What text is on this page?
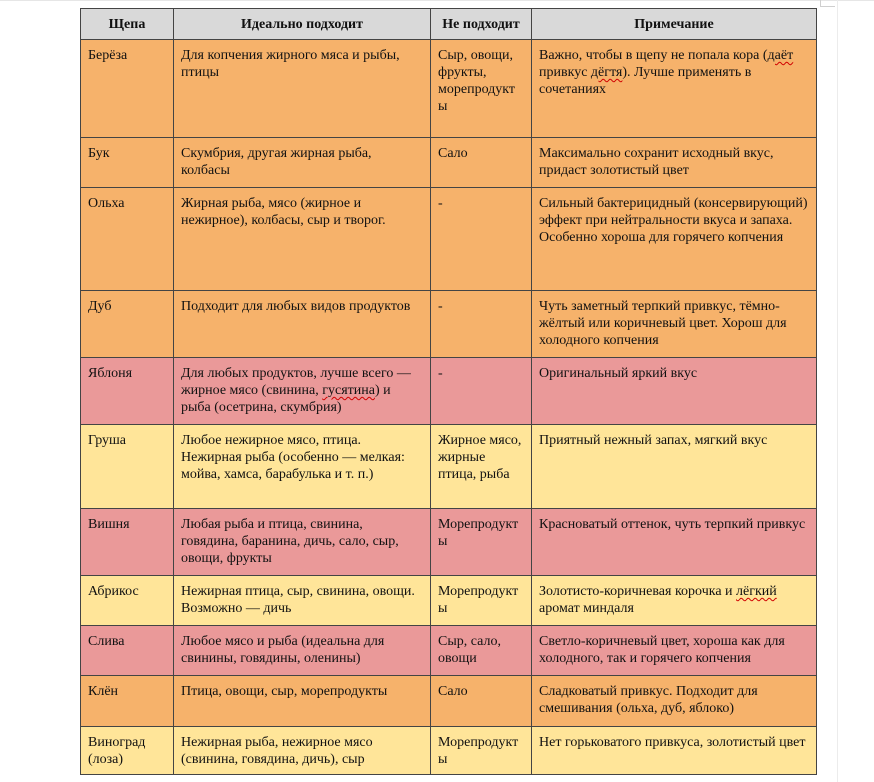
Щепа	Идеально подходит	Не подходит	Примечание
Берёза	Для копчения жирного мяса и рыбы, птицы	Сыр, овощи, фрукты, морепродукт ы	Важно, чтобы в щепу не попала кора (даёт привкус дёгтя). Лучше применять в сочетаниях
Бук	Скумбрия, другая жирная рыба, колбасы	Сало	Максимально сохранит исходный вкус, придаст золотистый цвет
Ольха	Жирная рыба, мясо (жирное и нежирное), колбасы, сыр и творог.	-	Сильный бактерицидный (консервирующий) эффект при нейтральности вкуса и запаха. Особенно хороша для горячего копчения
Дуб	Подходит для любых видов продуктов	-	Чуть заметный терпкий привкус, тёмно-жёлтый или коричневый цвет. Хорош для холодного копчения
Яблоня	Для любых продуктов, лучше всего — жирное мясо (свинина, гусятина) и рыба (осетрина, скумбрия)	-	Оригинальный яркий вкус
Груша	Любое нежирное мясо, птица. Нежирная рыба (особенно — мелкая: мойва, хамса, барабулька и т. п.)	Жирное мясо, жирные птица, рыба	Приятный нежный запах, мягкий вкус
Вишня	Любая рыба и птица, свинина, говядина, баранина, дичь, сало, сыр, овощи, фрукты	Морепродукт ы	Красноватый оттенок, чуть терпкий привкус
Абрикос	Нежирная птица, сыр, свинина, овощи. Возможно — дичь	Морепродукт ы	Золотисто-коричневая корочка и лёгкий аромат миндаля
Слива	Любое мясо и рыба (идеальна для свинины, говядины, оленины)	Сыр, сало, овощи	Светло-коричневый цвет, хороша как для холодного, так и горячего копчения
Клён	Птица, овощи, сыр, морепродукты	Сало	Сладковатый привкус. Подходит для смешивания (ольха, дуб, яблоко)
Виноград (лоза)	Нежирная рыба, нежирное мясо (свинина, говядина, дичь), сыр	Морепродукт ы	Нет горьковатого привкуса, золотистый цвет
